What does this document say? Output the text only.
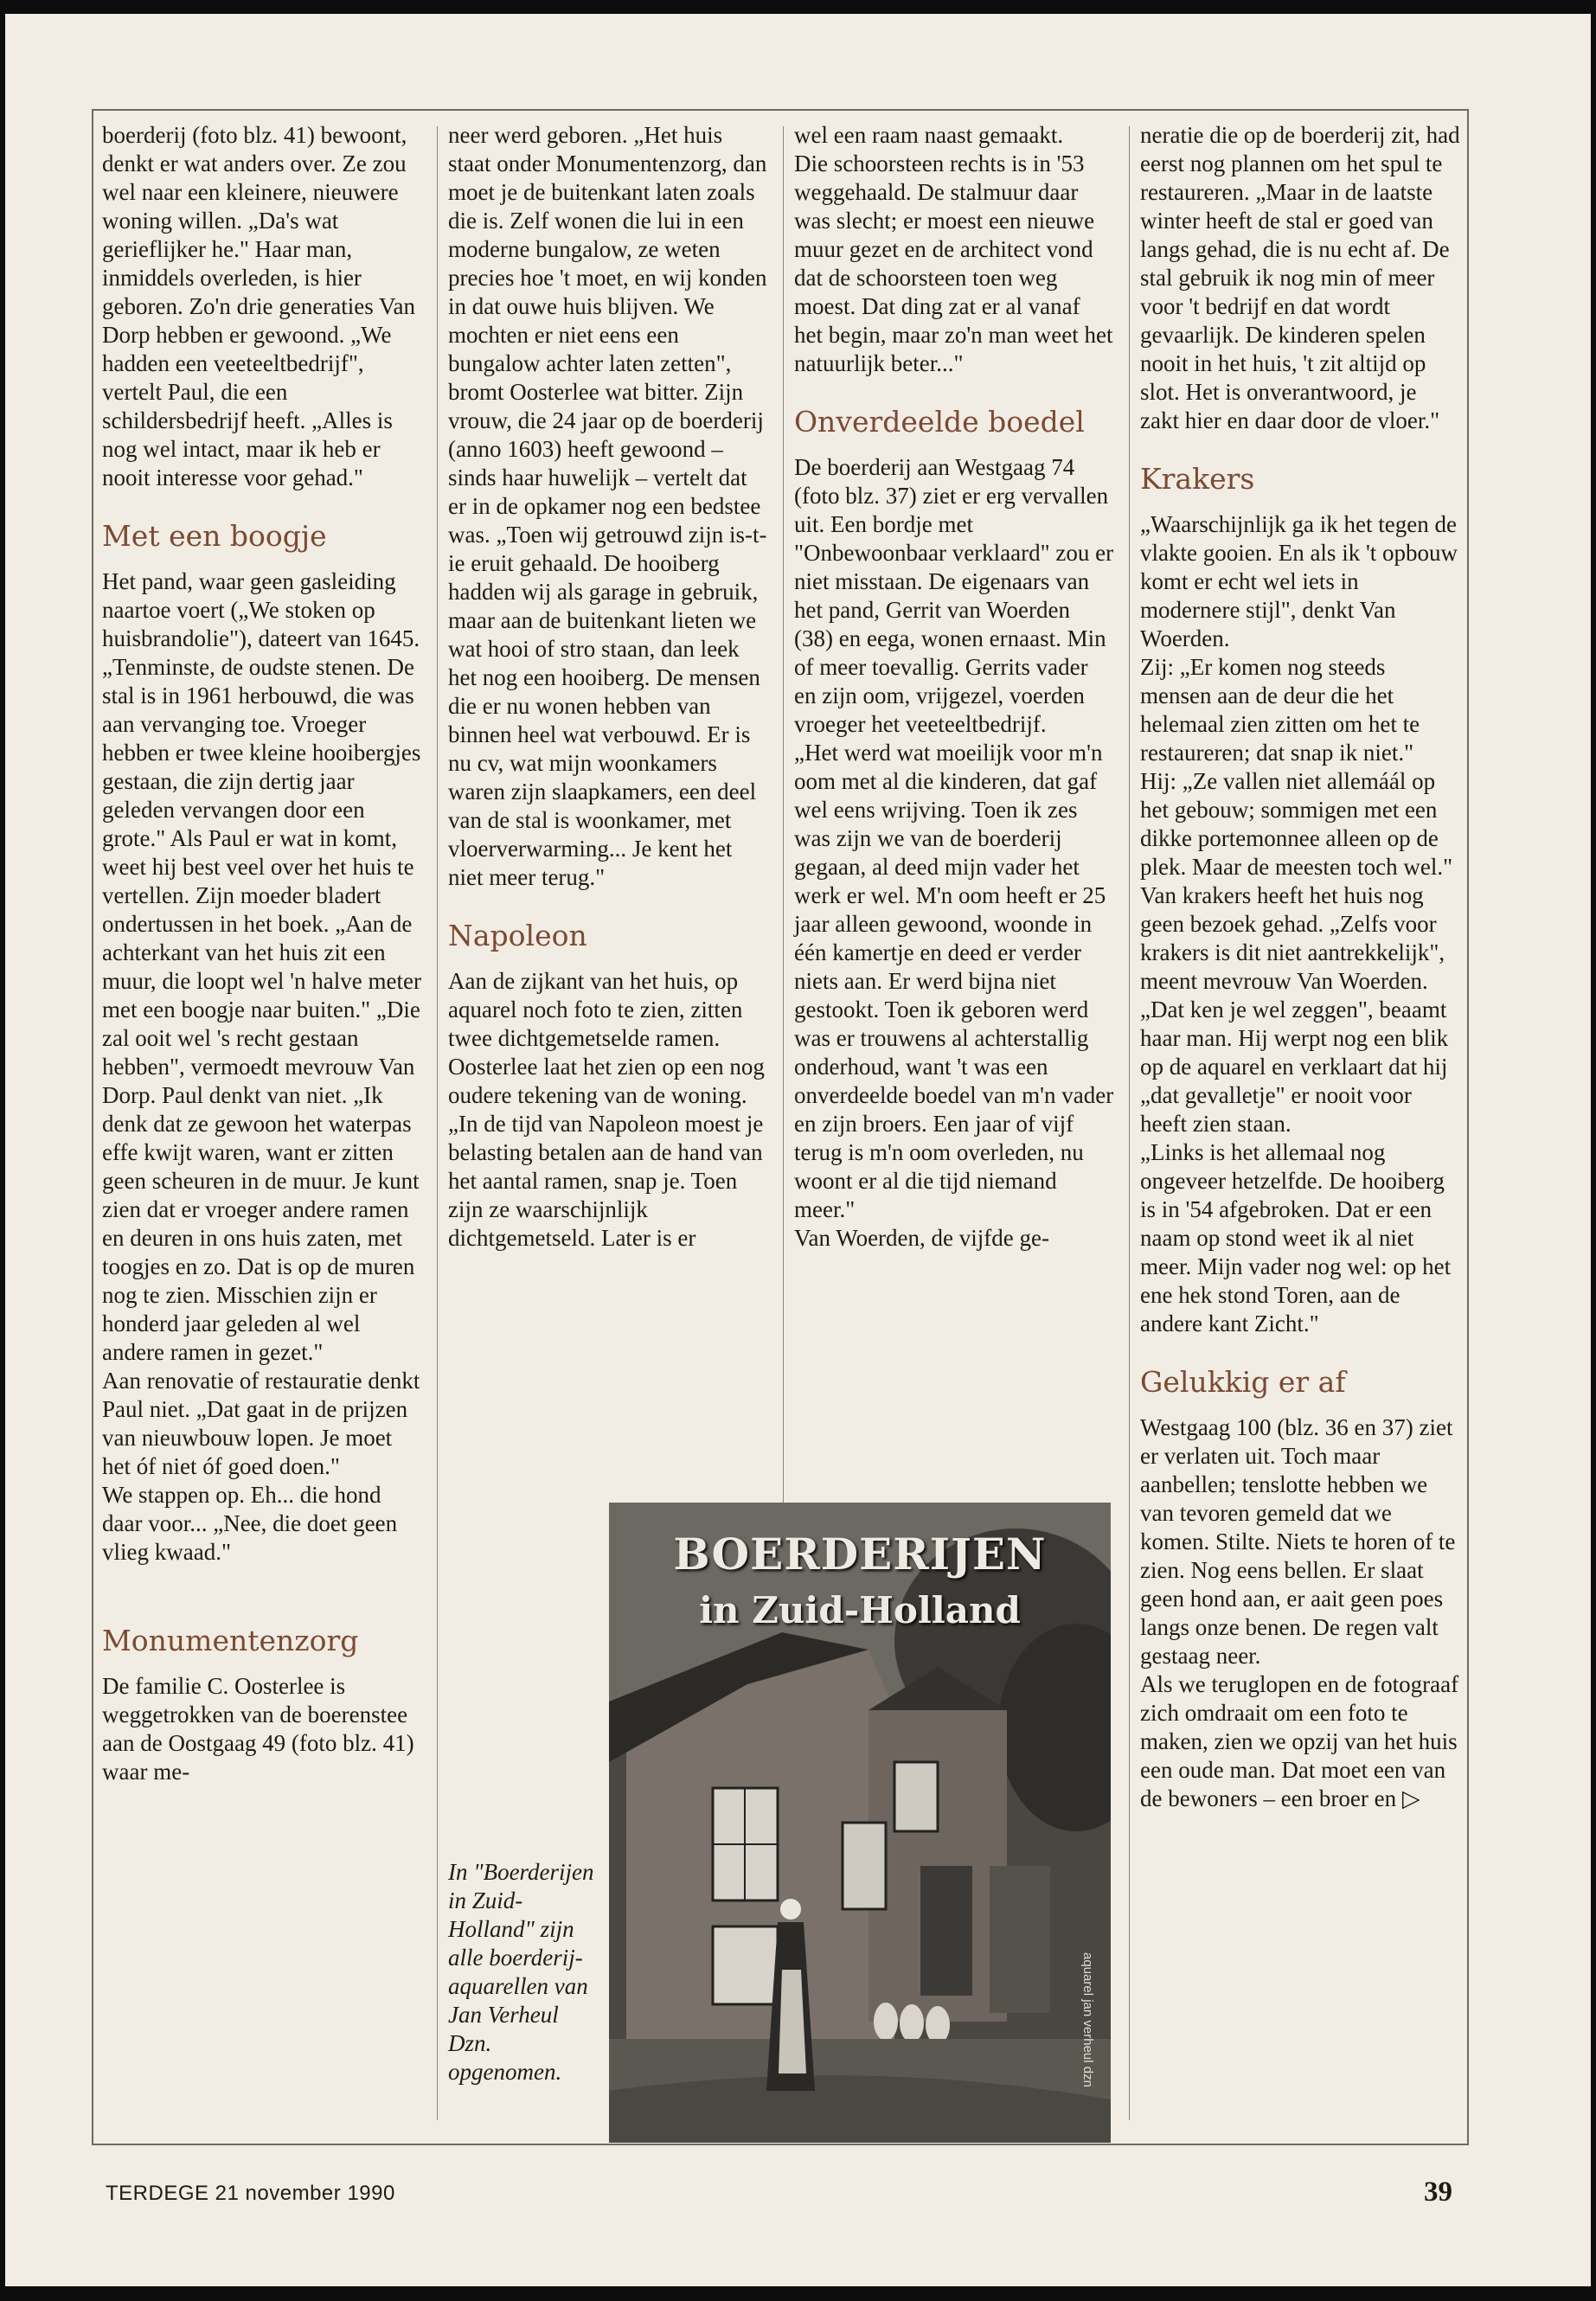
boerderij (foto blz. 41) bewoont, denkt er wat anders over. Ze zou wel naar een kleinere, nieuwere woning willen. „Da's wat gerieflijker he." Haar man, inmiddels overleden, is hier geboren. Zo'n drie generaties Van Dorp hebben er gewoond. „We hadden een veeteeltbedrijf", vertelt Paul, die een schildersbedrijf heeft. „Alles is nog wel intact, maar ik heb er nooit interesse voor gehad."

Met een boogje

Het pand, waar geen gasleiding naartoe voert („We stoken op huisbrandolie"), dateert van 1645. „Tenminste, de oudste stenen. De stal is in 1961 herbouwd, die was aan vervanging toe. Vroeger hebben er twee kleine hooibergjes gestaan, die zijn dertig jaar geleden vervangen door een grote." Als Paul er wat in komt, weet hij best veel over het huis te vertellen. Zijn moeder bladert ondertussen in het boek. „Aan de achterkant van het huis zit een muur, die loopt wel 'n halve meter met een boogje naar buiten." „Die zal ooit wel 's recht gestaan hebben", vermoedt mevrouw Van Dorp. Paul denkt van niet. „Ik denk dat ze gewoon het waterpas effe kwijt waren, want er zitten geen scheuren in de muur. Je kunt zien dat er vroeger andere ramen en deuren in ons huis zaten, met toogjes en zo. Dat is op de muren nog te zien. Misschien zijn er honderd jaar geleden al wel andere ramen in gezet."

Aan renovatie of restauratie denkt Paul niet. „Dat gaat in de prijzen van nieuwbouw lopen. Je moet het óf niet óf goed doen."

We stappen op. Eh... die hond daar voor... „Nee, die doet geen vlieg kwaad."

Monumentenzorg

De familie C. Oosterlee is weggetrokken van de boerenstee aan de Oostgaag 49 (foto blz. 41) waar me-

neer werd geboren. „Het huis staat onder Monumentenzorg, dan moet je de buitenkant laten zoals die is. Zelf wonen die lui in een moderne bungalow, ze weten precies hoe 't moet, en wij konden in dat ouwe huis blijven. We mochten er niet eens een bungalow achter laten zetten", bromt Oosterlee wat bitter. Zijn vrouw, die 24 jaar op de boerderij (anno 1603) heeft gewoond – sinds haar huwelijk – vertelt dat er in de opkamer nog een bedstee was. „Toen wij getrouwd zijn is-t-ie eruit gehaald. De hooiberg hadden wij als garage in gebruik, maar aan de buitenkant lieten we wat hooi of stro staan, dan leek het nog een hooiberg. De mensen die er nu wonen hebben van binnen heel wat verbouwd. Er is nu cv, wat mijn woonkamers waren zijn slaapkamers, een deel van de stal is woonkamer, met vloerverwarming... Je kent het niet meer terug."

Napoleon

Aan de zijkant van het huis, op aquarel noch foto te zien, zitten twee dichtgemetselde ramen. Oosterlee laat het zien op een nog oudere tekening van de woning. „In de tijd van Napoleon moest je belasting betalen aan de hand van het aantal ramen, snap je. Toen zijn ze waarschijnlijk dichtgemetseld. Later is er

In "Boerderijen in Zuid-Holland" zijn alle boerderij-aquarellen van Jan Verheul Dzn. opgenomen.

wel een raam naast gemaakt.

Die schoorsteen rechts is in '53 weggehaald. De stalmuur daar was slecht; er moest een nieuwe muur gezet en de architect vond dat de schoorsteen toen weg moest. Dat ding zat er al vanaf het begin, maar zo'n man weet het natuurlijk beter..."

Onverdeelde boedel

De boerderij aan Westgaag 74 (foto blz. 37) ziet er erg vervallen uit. Een bordje met "Onbewoonbaar verklaard" zou er niet misstaan. De eigenaars van het pand, Gerrit van Woerden (38) en eega, wonen ernaast. Min of meer toevallig. Gerrits vader en zijn oom, vrijgezel, voerden vroeger het veeteeltbedrijf.

„Het werd wat moeilijk voor m'n oom met al die kinderen, dat gaf wel eens wrijving. Toen ik zes was zijn we van de boerderij gegaan, al deed mijn vader het werk er wel. M'n oom heeft er 25 jaar alleen gewoond, woonde in één kamertje en deed er verder niets aan. Er werd bijna niet gestookt. Toen ik geboren werd was er trouwens al achterstallig onderhoud, want 't was een onverdeelde boedel van m'n vader en zijn broers. Een jaar of vijf terug is m'n oom overleden, nu woont er al die tijd niemand meer."

Van Woerden, de vijfde ge-

neratie die op de boerderij zit, had eerst nog plannen om het spul te restaureren. „Maar in de laatste winter heeft de stal er goed van langs gehad, die is nu echt af. De stal gebruik ik nog min of meer voor 't bedrijf en dat wordt gevaarlijk. De kinderen spelen nooit in het huis, 't zit altijd op slot. Het is onverantwoord, je zakt hier en daar door de vloer."

Krakers

„Waarschijnlijk ga ik het tegen de vlakte gooien. En als ik 't opbouw komt er echt wel iets in modernere stijl", denkt Van Woerden.

Zij: „Er komen nog steeds mensen aan de deur die het helemaal zien zitten om het te restaureren; dat snap ik niet."

Hij: „Ze vallen niet allemáál op het gebouw; sommigen met een dikke portemonnee alleen op de plek. Maar de meesten toch wel."

Van krakers heeft het huis nog geen bezoek gehad. „Zelfs voor krakers is dit niet aantrekkelijk", meent mevrouw Van Woerden. „Dat ken je wel zeggen", beaamt haar man. Hij werpt nog een blik op de aquarel en verklaart dat hij „dat gevalletje" er nooit voor heeft zien staan.

„Links is het allemaal nog ongeveer hetzelfde. De hooiberg is in '54 afgebroken. Dat er een naam op stond weet ik al niet meer. Mijn vader nog wel: op het ene hek stond Toren, aan de andere kant Zicht."

Gelukkig er af

Westgaag 100 (blz. 36 en 37) ziet er verlaten uit. Toch maar aanbellen; tenslotte hebben we van tevoren gemeld dat we komen. Stilte. Niets te horen of te zien. Nog eens bellen. Er slaat geen hond aan, er aait geen poes langs onze benen. De regen valt gestaag neer.

Als we teruglopen en de fotograaf zich omdraait om een foto te maken, zien we opzij van het huis een oude man. Dat moet een van de bewoners – een broer en ▷

BOERDERIJEN
in Zuid-Holland
aquarel jan verheul dzn
TERDEGE 21 november 1990	39
